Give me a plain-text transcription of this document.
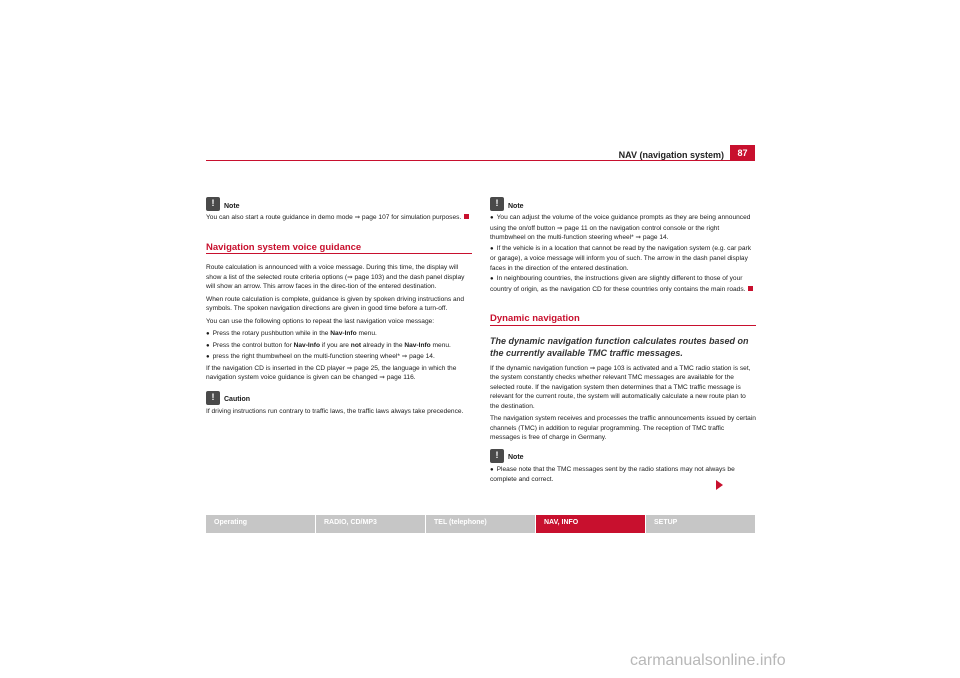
NAV (navigation system)	87
!	Note

You can also start a route guidance in demo mode ⇒ page 107 for simulation purposes.

Navigation system voice guidance

Route calculation is announced with a voice message. During this time, the display will show a list of the selected route criteria options (⇒ page 103) and the dash panel display will show an arrow. This arrow faces in the direc-tion of the entered destination.

When route calculation is complete, guidance is given by spoken driving instructions and symbols. The spoken navigation directions are given in good time before a turn-off.

You can use the following options to repeat the last navigation voice message:

● Press the rotary pushbutton while in the Nav-Info menu.

● Press the control button for Nav-Info if you are not already in the Nav-Info menu.

● press the right thumbwheel on the multi-function steering wheel* ⇒ page 14.

If the navigation CD is inserted in the CD player ⇒ page 25, the language in which the navigation system voice guidance is given can be changed ⇒ page 116.

!	Caution

If driving instructions run contrary to traffic laws, the traffic laws always take precedence.

!	Note

● You can adjust the volume of the voice guidance prompts as they are being announced using the on/off button ⇒ page 11 on the navigation control console or the right thumbwheel on the multi-function steering wheel* ⇒ page 14.

● If the vehicle is in a location that cannot be read by the navigation system (e.g. car park or garage), a voice message will inform you of such. The arrow in the dash panel display faces in the direction of the entered destination.

● In neighbouring countries, the instructions given are slightly different to those of your country of origin, as the navigation CD for these countries only contains the main roads.

Dynamic navigation
The dynamic navigation function calculates routes based on the currently available TMC traffic messages.

If the dynamic navigation function ⇒ page 103 is activated and a TMC radio station is set, the system constantly checks whether relevant TMC messages are available for the selected route. If the navigation system then determines that a TMC traffic message is relevant for the current route, the system will automatically calculate a new route plan to the destination.

The navigation system receives and processes the traffic announcements issued by certain channels (TMC) in addition to regular programming. The reception of TMC traffic messages is free of charge in Germany.

!	Note

● Please note that the TMC messages sent by the radio stations may not always be complete and correct.

Operating	RADIO, CD/MP3	TEL (telephone)	NAV, INFO	SETUP
carmanualsonline.info
